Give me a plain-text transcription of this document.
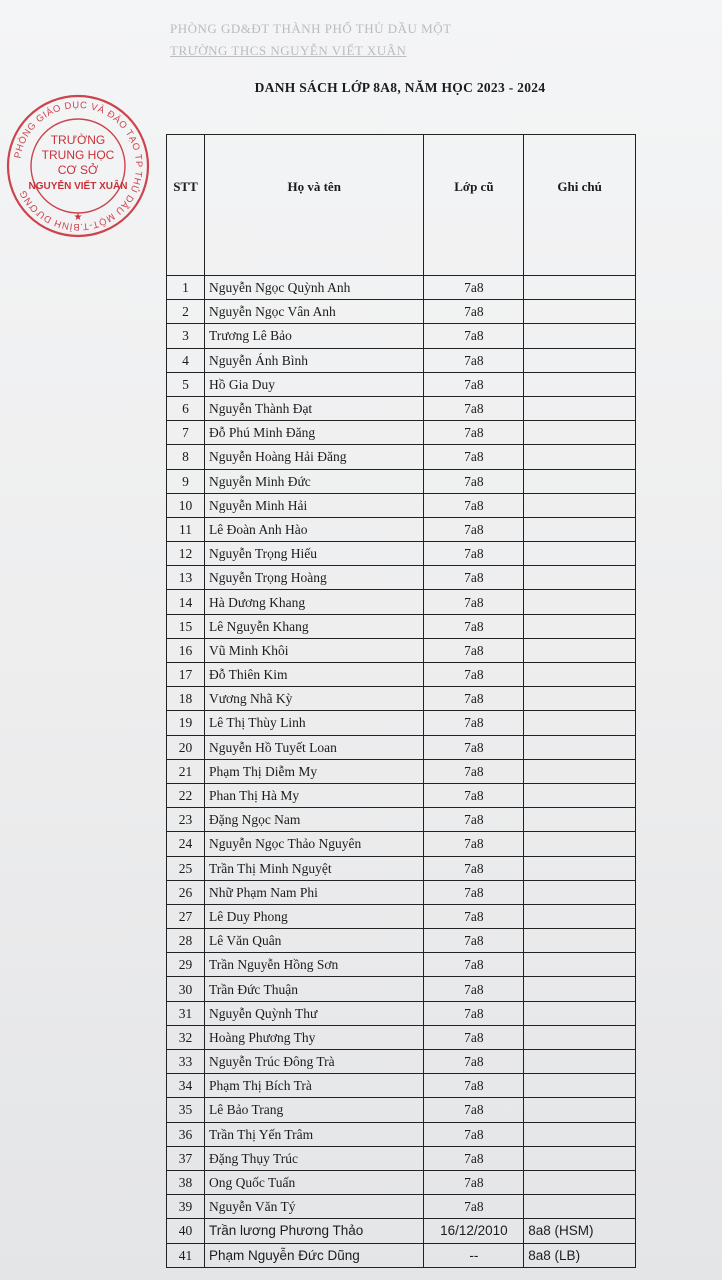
PHÒNG GD&ĐT THÀNH PHỐ THỦ DẦU MỘT
TRƯỜNG THCS NGUYỄN VIẾT XUÂN
PHÒNG GIÁO DỤC VÀ ĐÀO TẠO TP THỦ DẦU MỘT-T.BÌNH DƯƠNG
TRƯỜNG
TRUNG HỌC
CƠ SỞ
NGUYỄN VIẾT XUÂN
★
DANH SÁCH LỚP 8A8, NĂM HỌC 2023 - 2024
STT	Họ và tên	Lớp cũ	Ghi chú
1	Nguyễn Ngọc Quỳnh Anh	7a8	
2	Nguyễn Ngọc Vân Anh	7a8	
3	Trương Lê Bảo	7a8	
4	Nguyễn Ánh Bình	7a8	
5	Hồ Gia Duy	7a8	
6	Nguyễn Thành Đạt	7a8	
7	Đỗ Phú Minh Đăng	7a8	
8	Nguyễn Hoàng Hải Đăng	7a8	
9	Nguyễn Minh Đức	7a8	
10	Nguyễn Minh Hải	7a8	
11	Lê Đoàn Anh Hào	7a8	
12	Nguyễn Trọng Hiếu	7a8	
13	Nguyễn Trọng Hoàng	7a8	
14	Hà Dương Khang	7a8	
15	Lê Nguyễn Khang	7a8	
16	Vũ Minh Khôi	7a8	
17	Đỗ Thiên Kim	7a8	
18	Vương Nhã Kỳ	7a8	
19	Lê Thị Thùy Linh	7a8	
20	Nguyễn Hồ Tuyết Loan	7a8	
21	Phạm Thị Diễm My	7a8	
22	Phan Thị Hà My	7a8	
23	Đặng Ngọc Nam	7a8	
24	Nguyễn Ngọc Thảo Nguyên	7a8	
25	Trần Thị Minh Nguyệt	7a8	
26	Nhữ Phạm Nam Phi	7a8	
27	Lê Duy Phong	7a8	
28	Lê Văn Quân	7a8	
29	Trần Nguyễn Hồng Sơn	7a8	
30	Trần Đức Thuận	7a8	
31	Nguyễn Quỳnh Thư	7a8	
32	Hoàng Phương Thy	7a8	
33	Nguyễn Trúc Đông Trà	7a8	
34	Phạm Thị Bích Trà	7a8	
35	Lê Bảo Trang	7a8	
36	Trần Thị Yến Trâm	7a8	
37	Đặng Thụy Trúc	7a8	
38	Ong Quốc Tuấn	7a8	
39	Nguyễn Văn Tý	7a8	
40	Trần lương Phương Thảo	16/12/2010	8a8 (HSM)
41	Phạm Nguyễn Đức Dũng	--	8a8 (LB)
